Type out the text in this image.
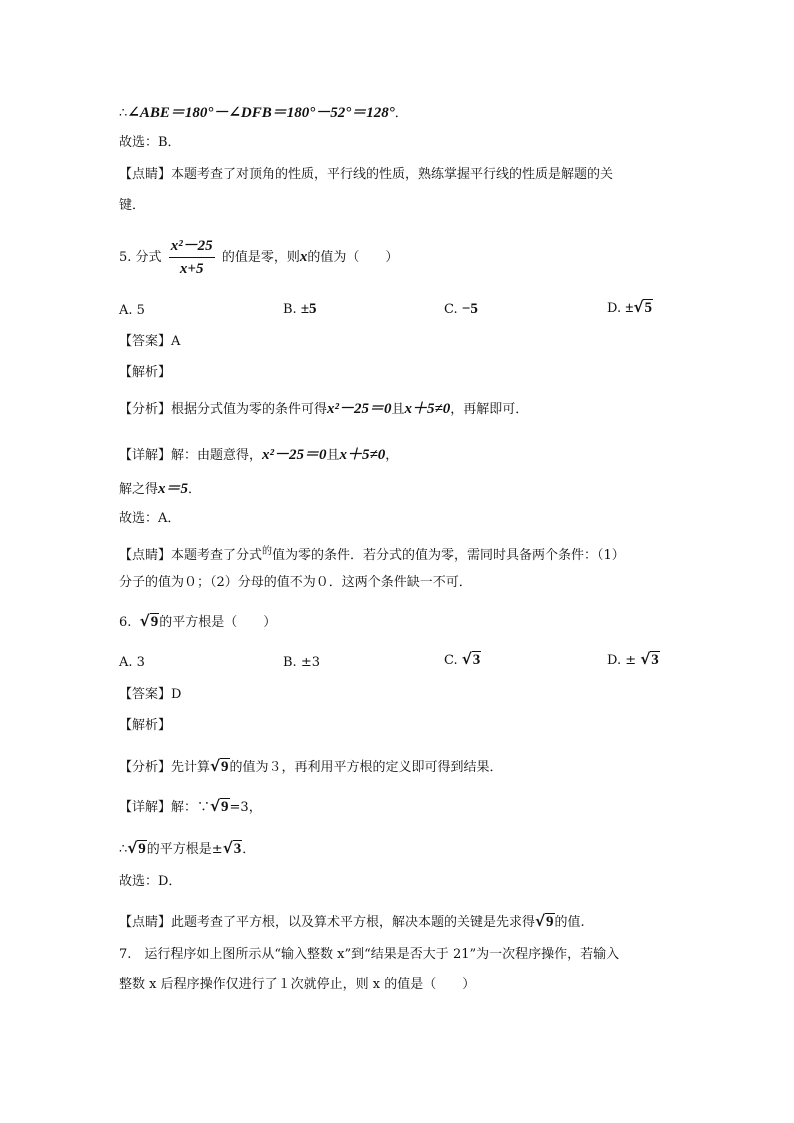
∴∠ABE＝180°－∠DFB＝180°－52°＝128°．
故选：B．
【点睛】本题考查了对顶角的性质，平行线的性质，熟练掌握平行线的性质是解题的关
键．
5. 分式 $\frac{\text{x²－25}}{x+5}$ 的值是零，则x的值为（　　）
A. 5	B. ±5	C. −5	D. ±√5
【答案】A
【解析】
【分析】根据分式值为零的条件可得x²－25＝0且x＋5≠0，再解即可．
【详解】解：由题意得，x²－25＝0且x＋5≠0，
解之得x＝5．
故选：A．
【点睛】本题考查了分式$^的$值为零的条件．若分式的值为零，需同时具备两个条件：（1）
分子的值为０；（2）分母的值不为０．这两个条件缺一不可．
6. √9的平方根是（　　）
A. 3	B. ±3	C. √3	D. ± √3
【答案】D
【解析】
【分析】先计算√9的值为３，再利用平方根的定义即可得到结果．
【详解】解：∵√9=3，
∴√9的平方根是±√3．
故选：D．
【点睛】此题考查了平方根，以及算术平方根，解决本题的关键是先求得√9的值.
7.　运行程序如上图所示从“输入整数 x”到“结果是否大于 21”为一次程序操作，若输入
整数 x 后程序操作仅进行了１次就停止，则 x 的值是（　　）
